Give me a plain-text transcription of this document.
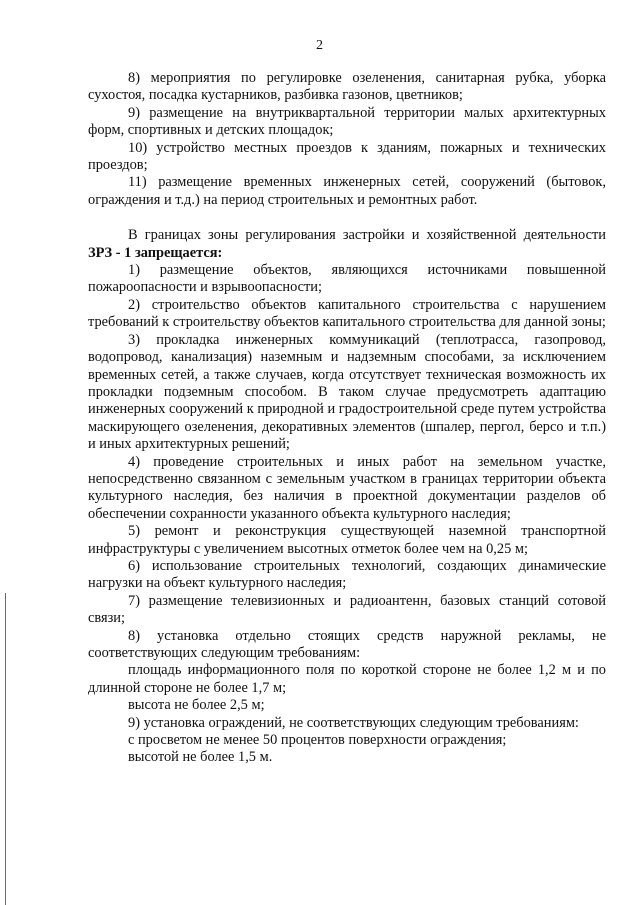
2

8) мероприятия по регулировке озеленения, санитарная рубка, уборка сухостоя, посадка кустарников, разбивка газонов, цветников;

9) размещение на внутриквартальной территории малых архитектурных форм, спортивных и детских площадок;

10) устройство местных проездов к зданиям, пожарных и технических проездов;

11) размещение временных инженерных сетей, сооружений (бытовок, ограждения и т.д.) на период строительных и ремонтных работ.

В границах зоны регулирования застройки и хозяйственной деятельности ЗРЗ - 1 запрещается:

1) размещение объектов, являющихся источниками повышенной пожароопасности и взрывоопасности;

2) строительство объектов капитального строительства с нарушением требований к строительству объектов капитального строительства для данной зоны;

3) прокладка инженерных коммуникаций (теплотрасса, газопровод, водопровод, канализация) наземным и надземным способами, за исключением временных сетей, а также случаев, когда отсутствует техническая возможность их прокладки подземным способом. В таком случае предусмотреть адаптацию инженерных сооружений к природной и градостроительной среде путем устройства маскирующего озеленения, декоративных элементов (шпалер, пергол, берсо и т.п.) и иных архитектурных решений;

4) проведение строительных и иных работ на земельном участке, непосредственно связанном с земельным участком в границах территории объекта культурного наследия, без наличия в проектной документации разделов об обеспечении сохранности указанного объекта культурного наследия;

5) ремонт и реконструкция существующей наземной транспортной инфраструктуры с увеличением высотных отметок более чем на 0,25 м;

6) использование строительных технологий, создающих динамические нагрузки на объект культурного наследия;

7) размещение телевизионных и радиоантенн, базовых станций сотовой связи;

8) установка отдельно стоящих средств наружной рекламы, не соответствующих следующим требованиям:

площадь информационного поля по короткой стороне не более 1,2 м и по длинной стороне не более 1,7 м;

высота не более 2,5 м;

9) установка ограждений, не соответствующих следующим требованиям:

с просветом не менее 50 процентов поверхности ограждения;

высотой не более 1,5 м.
